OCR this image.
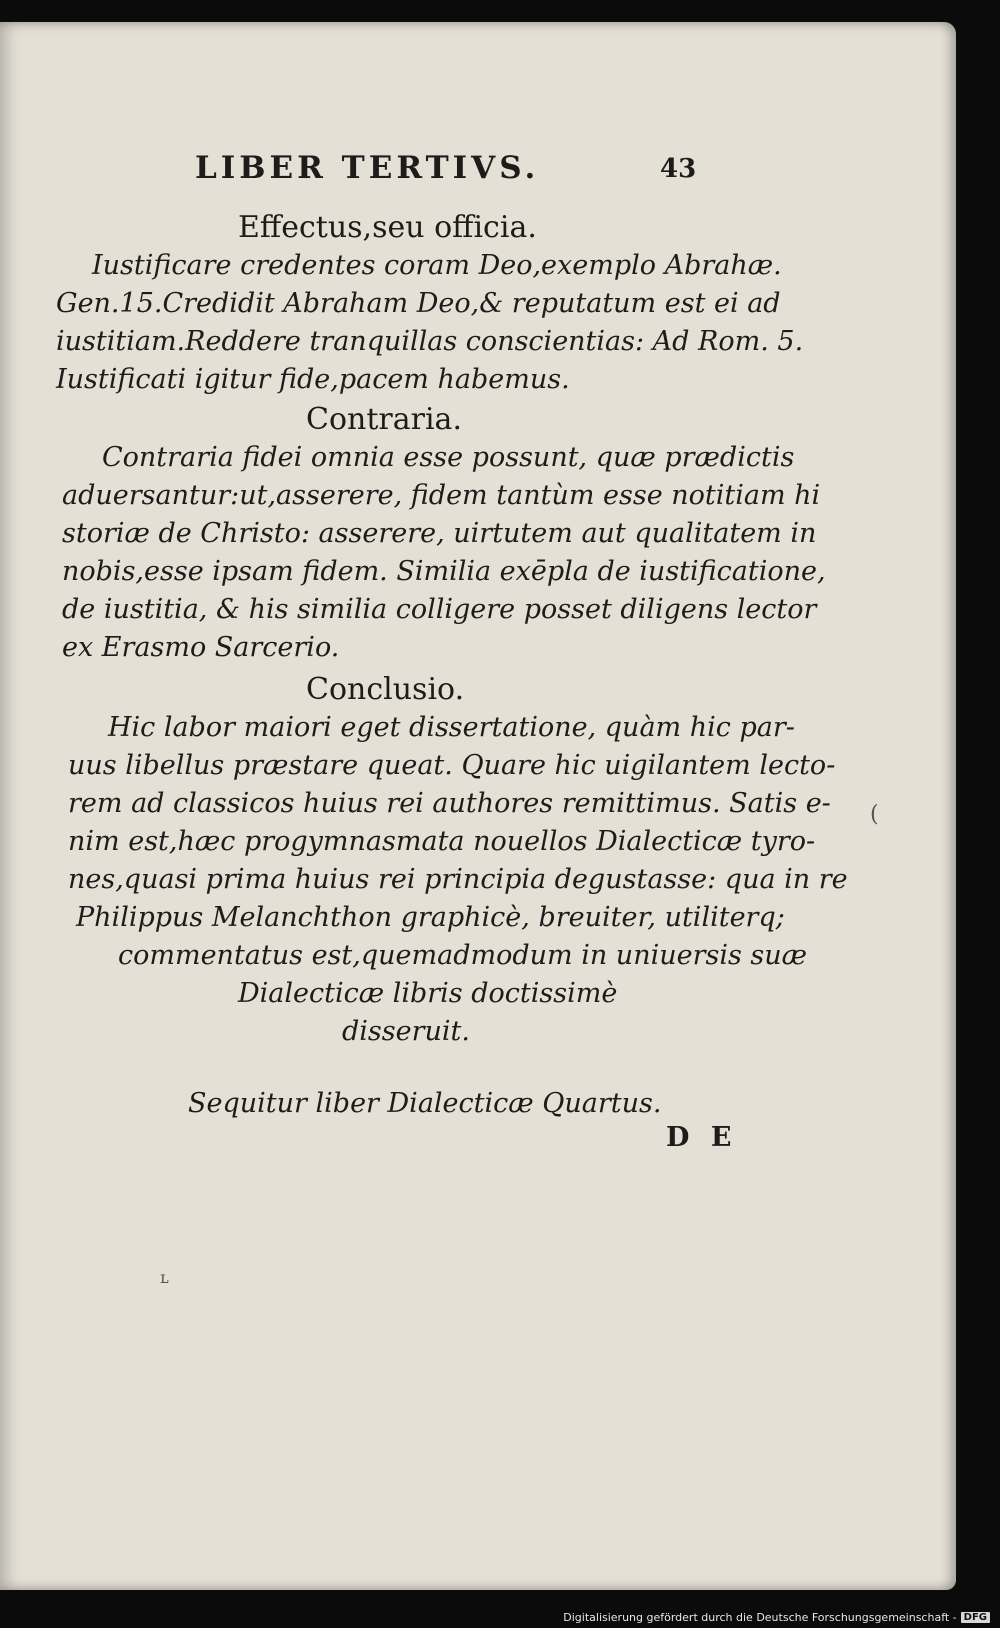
LIBER TERTIVS.	43
Effectus,seu officia.
Iustificare credentes coram Deo,exemplo Abrahæ.
Gen.15.Credidit Abraham Deo,& reputatum est ei ad
iustitiam.Reddere tranquillas conscientias: Ad Rom. 5.
Iustificati igitur fide,pacem habemus.
Contraria.
Contraria fidei omnia esse possunt, quæ prædictis
aduersantur:ut,asserere, fidem tantùm esse notitiam hi
storiæ de Christo: asserere, uirtutem aut qualitatem in
nobis,esse ipsam fidem. Similia exēpla de iustificatione,
de iustitia, & his similia colligere posset diligens lector
ex Erasmo Sarcerio.
Conclusio.
Hic labor maiori eget dissertatione, quàm hic par-
uus libellus præstare queat. Quare hic uigilantem lecto-
rem ad classicos huius rei authores remittimus. Satis e-
nim est,hæc progymnasmata nouellos Dialecticæ tyro-
nes,quasi prima huius rei principia degustasse: qua in re
Philippus Melanchthon graphicè, breuiter, utiliterq;
commentatus est,quemadmodum in uniuersis suæ
Dialecticæ libris doctissimè
disseruit.
Sequitur liber Dialecticæ Quartus.
D E
(
ʟ
Digitalisierung gefördert durch die Deutsche Forschungsgemeinschaft - DFG
